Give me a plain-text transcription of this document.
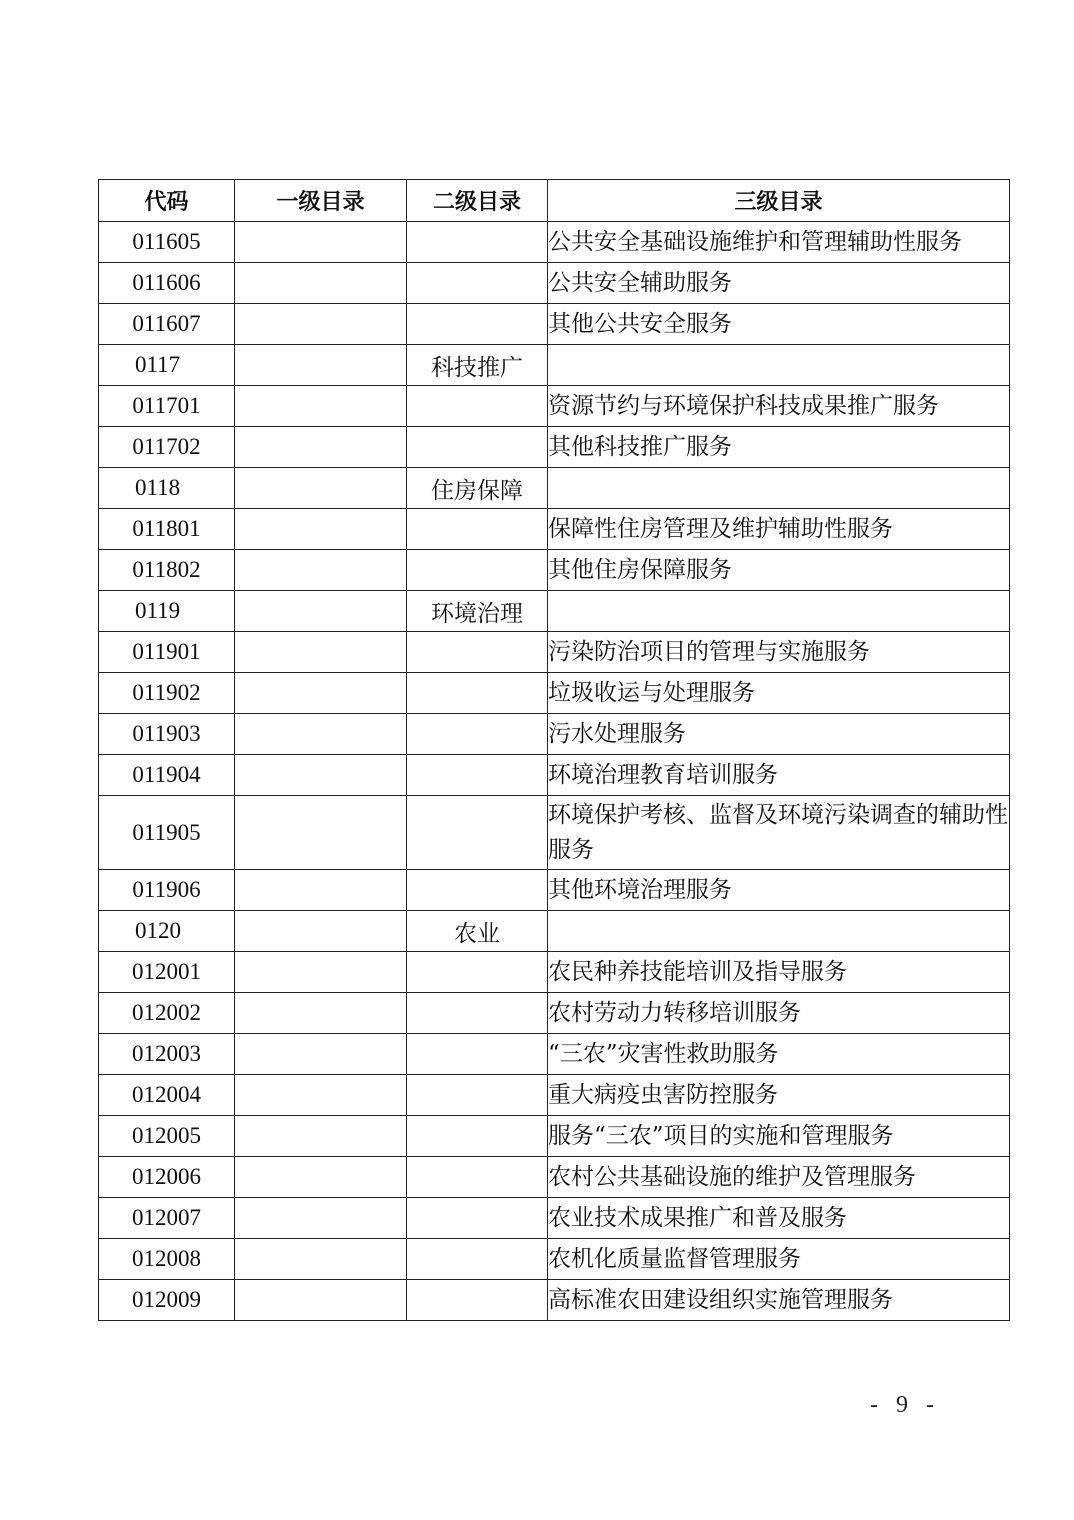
代码	一级目录	二级目录	三级目录
011605			公共安全基础设施维护和管理辅助性服务
011606			公共安全辅助服务
011607			其他公共安全服务
0117		科技推广	
011701			资源节约与环境保护科技成果推广服务
011702			其他科技推广服务
0118		住房保障	
011801			保障性住房管理及维护辅助性服务
011802			其他住房保障服务
0119		环境治理	
011901			污染防治项目的管理与实施服务
011902			垃圾收运与处理服务
011903			污水处理服务
011904			环境治理教育培训服务
011905			环境保护考核、监督及环境污染调查的辅助性服务
011906			其他环境治理服务
0120		农业	
012001			农民种养技能培训及指导服务
012002			农村劳动力转移培训服务
012003			“三农”灾害性救助服务
012004			重大病疫虫害防控服务
012005			服务“三农”项目的实施和管理服务
012006			农村公共基础设施的维护及管理服务
012007			农业技术成果推广和普及服务
012008			农机化质量监督管理服务
012009			高标准农田建设组织实施管理服务
- 9 -
